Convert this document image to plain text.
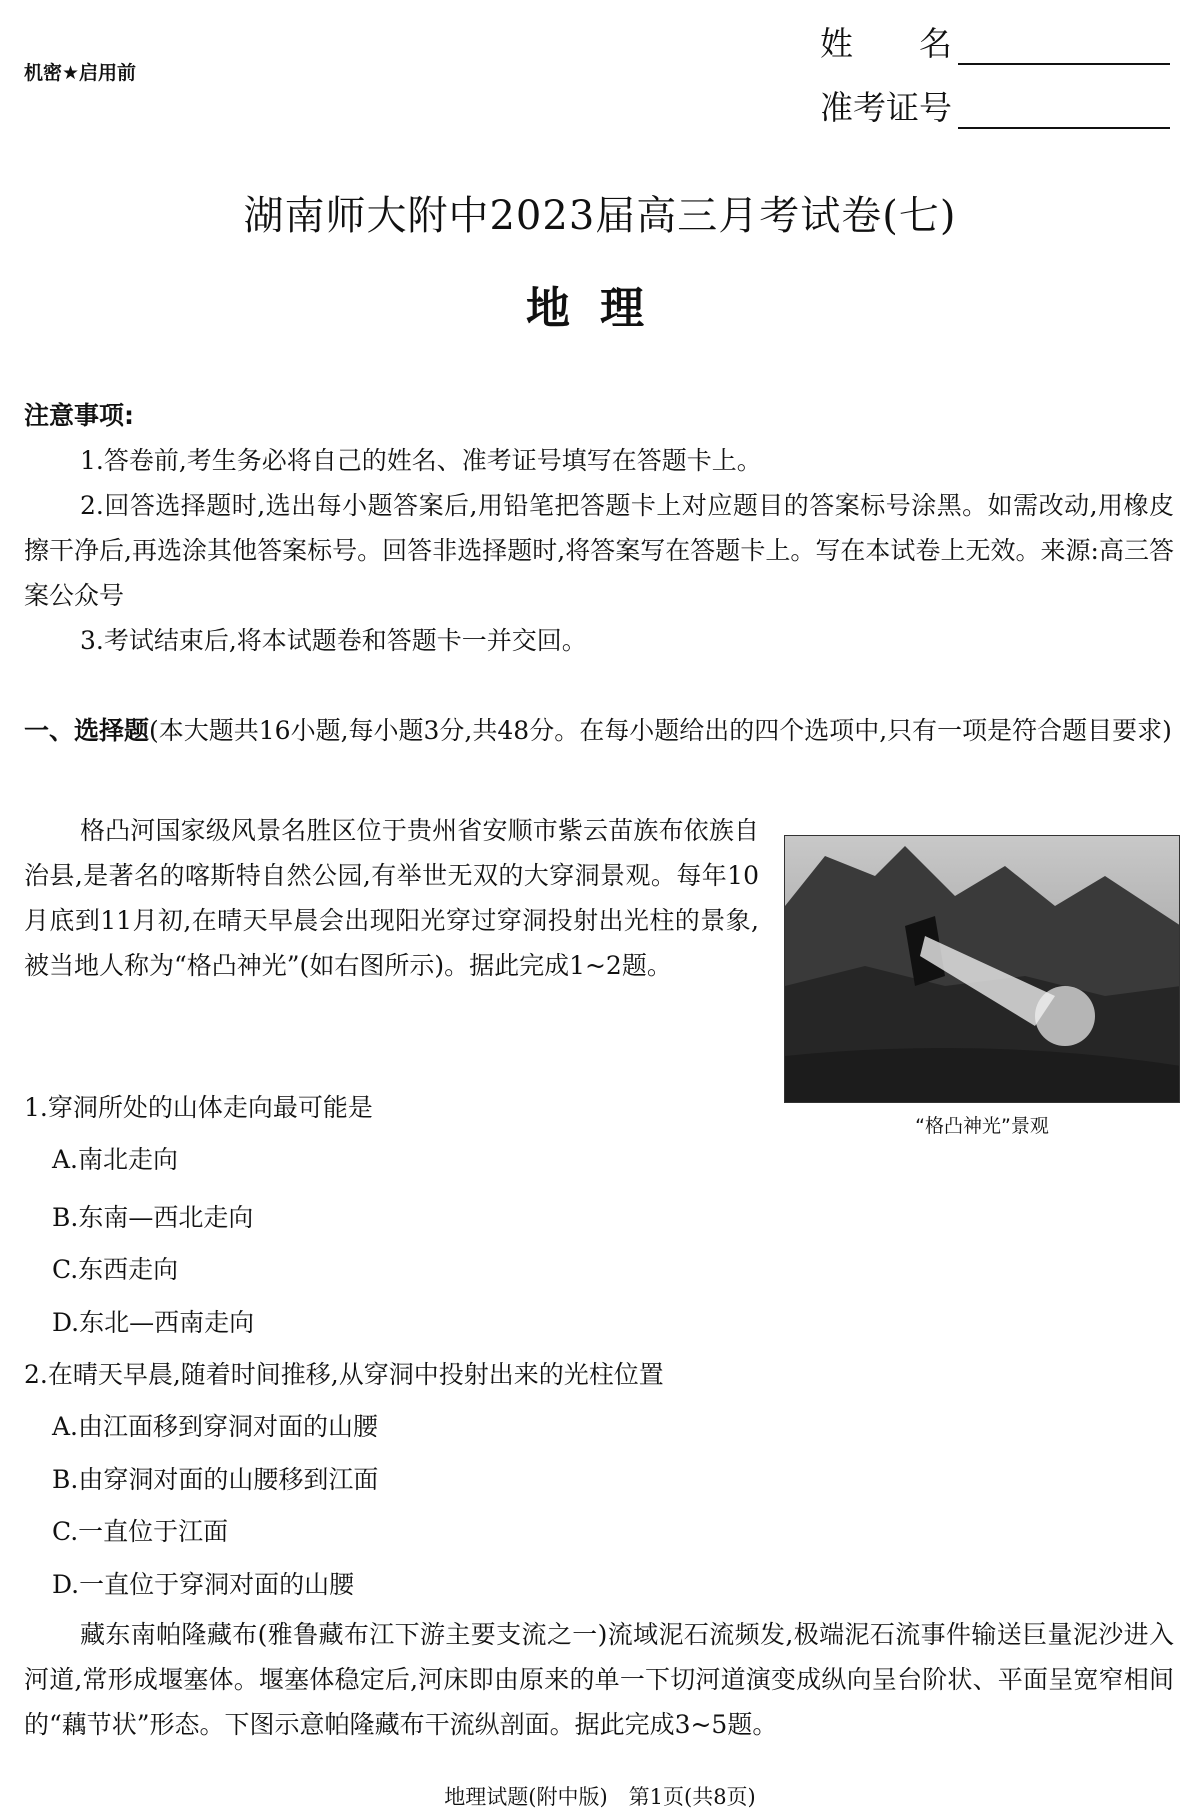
机密★启用前
姓　　名
准考证号
湖南师大附中2023届高三月考试卷(七)
地理
注意事项:
1.答卷前,考生务必将自己的姓名、准考证号填写在答题卡上。
2.回答选择题时,选出每小题答案后,用铅笔把答题卡上对应题目的答案标号涂黑。如需改动,用橡皮擦干净后,再选涂其他答案标号。回答非选择题时,将答案写在答题卡上。写在本试卷上无效。来源:高三答案公众号
3.考试结束后,将本试题卷和答题卡一并交回。
一、选择题(本大题共16小题,每小题3分,共48分。在每小题给出的四个选项中,只有一项是符合题目要求)
格凸河国家级风景名胜区位于贵州省安顺市紫云苗族布依族自治县,是著名的喀斯特自然公园,有举世无双的大穿洞景观。每年10月底到11月初,在晴天早晨会出现阳光穿过穿洞投射出光柱的景象,被当地人称为“格凸神光”(如右图所示)。据此完成1~2题。
“格凸神光”景观
1.穿洞所处的山体走向最可能是
A.南北走向
B.东南—西北走向
C.东西走向
D.东北—西南走向
2.在晴天早晨,随着时间推移,从穿洞中投射出来的光柱位置
A.由江面移到穿洞对面的山腰
B.由穿洞对面的山腰移到江面
C.一直位于江面
D.一直位于穿洞对面的山腰
藏东南帕隆藏布(雅鲁藏布江下游主要支流之一)流域泥石流频发,极端泥石流事件输送巨量泥沙进入河道,常形成堰塞体。堰塞体稳定后,河床即由原来的单一下切河道演变成纵向呈台阶状、平面呈宽窄相间的“藕节状”形态。下图示意帕隆藏布干流纵剖面。据此完成3~5题。
地理试题(附中版)　第1页(共8页)
